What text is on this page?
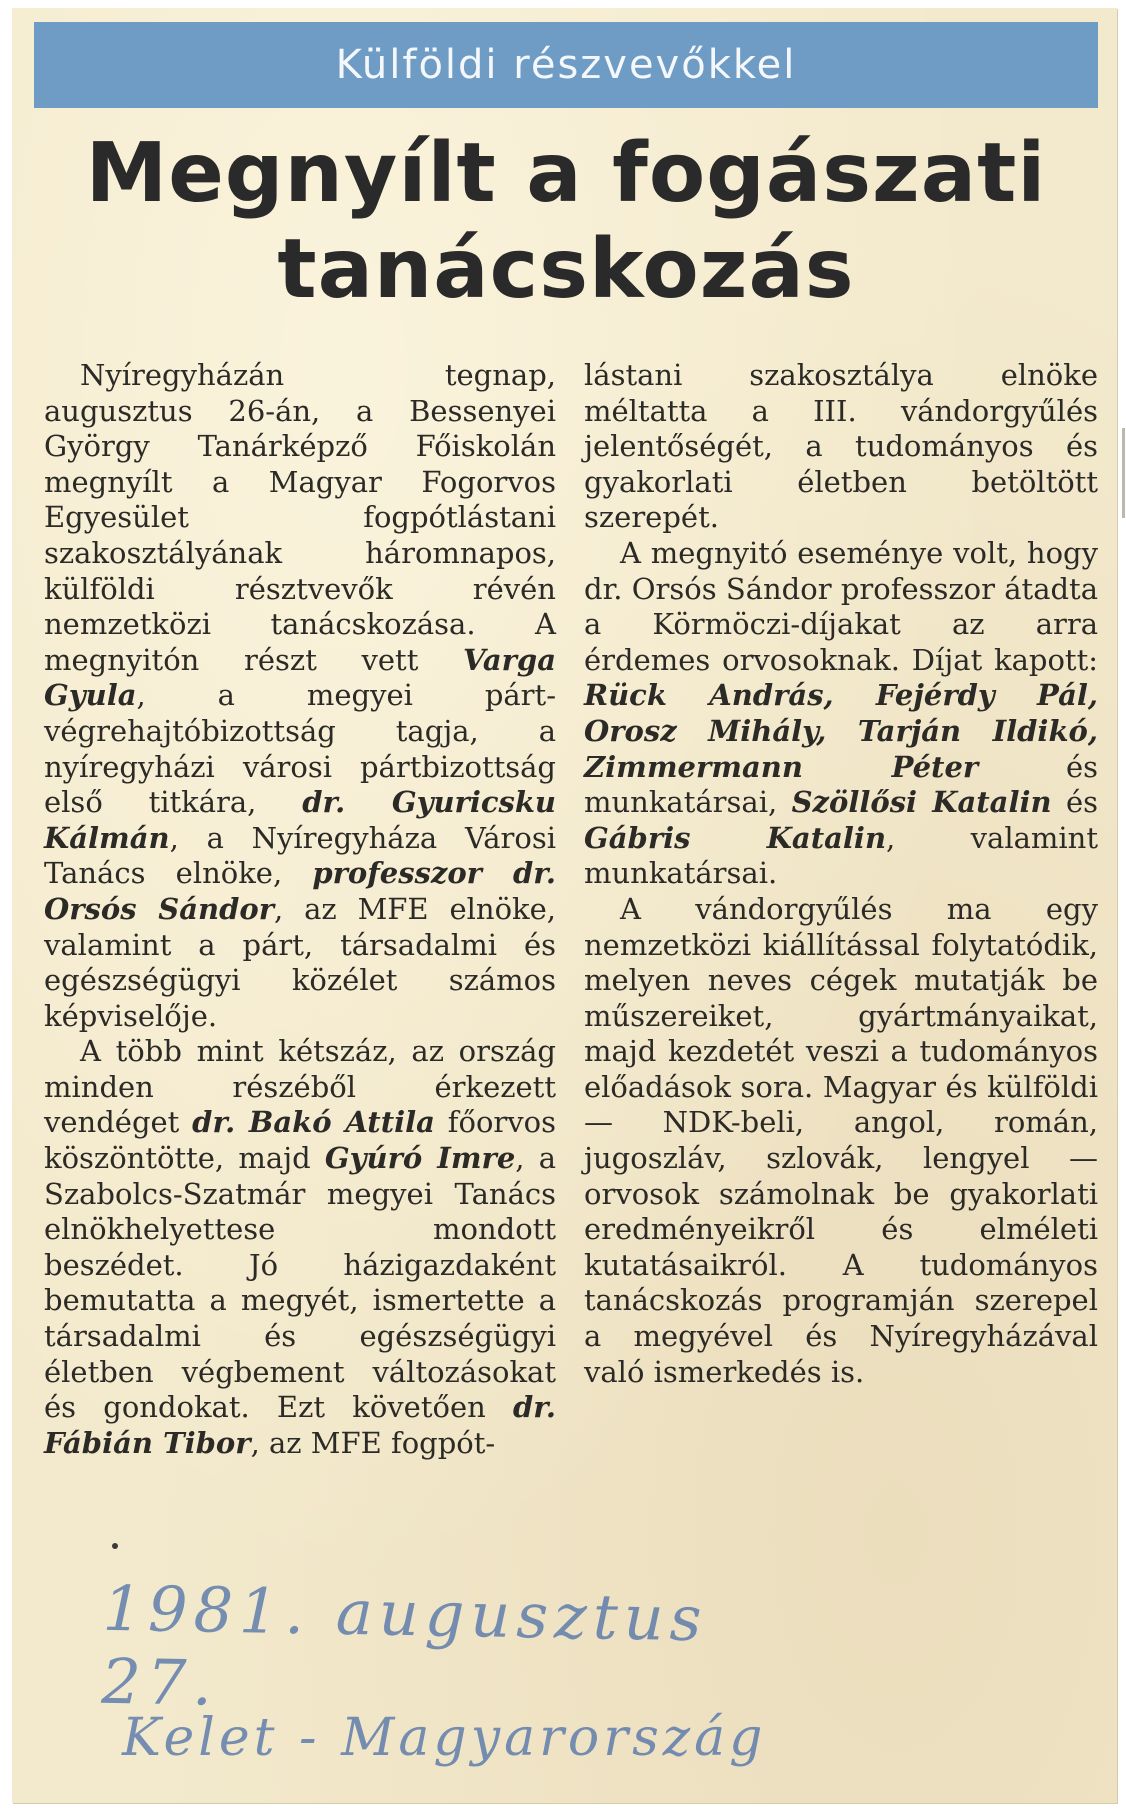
Külföldi részvevőkkel
Megnyílt a fogászati tanácskozás

Nyíregyházán tegnap, augusztus 26-án, a Bessenyei György Tanárképző Főiskolán megnyílt a Magyar Fogorvos Egyesület fogpótlástani szakosztályának háromnapos, külföldi résztvevők révén nemzetközi tanácskozása. A megnyitón részt vett Varga Gyula, a megyei párt-végrehajtóbizottság tagja, a nyíregyházi városi pártbizottság első titkára, dr. Gyuricsku Kálmán, a Nyíregyháza Városi Tanács elnöke, professzor dr. Orsós Sándor, az MFE elnöke, valamint a párt, társadalmi és egészségügyi közélet számos képviselője.

A több mint kétszáz, az ország minden részéből érkezett vendéget dr. Bakó Attila főorvos köszöntötte, majd Gyúró Imre, a Szabolcs-Szatmár megyei Tanács elnökhelyettese mondott beszédet. Jó házigazdaként bemutatta a megyét, ismertette a társadalmi és egészségügyi életben végbement változásokat és gondokat. Ezt követően dr. Fábián Tibor, az MFE fogpót-

lástani szakosztálya elnöke méltatta a III. vándorgyűlés jelentőségét, a tudományos és gyakorlati életben betöltött szerepét.

A megnyitó eseménye volt, hogy dr. Orsós Sándor professzor átadta a Körmöczi-díjakat az arra érdemes orvosoknak. Díjat kapott: Rück András, Fejérdy Pál, Orosz Mihály, Tarján Ildikó, Zimmermann Péter és munkatársai, Szöllősi Katalin és Gábris Katalin, valamint munkatársai.

A vándorgyűlés ma egy nemzetközi kiállítással folytatódik, melyen neves cégek mutatják be műszereiket, gyártmányaikat, majd kezdetét veszi a tudományos előadások sora. Magyar és külföldi — NDK-beli, angol, román, jugoszláv, szlovák, lengyel — orvosok számolnak be gyakorlati eredményeikről és elméleti kutatásaikról. A tudományos tanácskozás programján szerepel a megyével és Nyíregyházával való ismerkedés is.

1981. augusztus 27.
Kelet - Magyarország
